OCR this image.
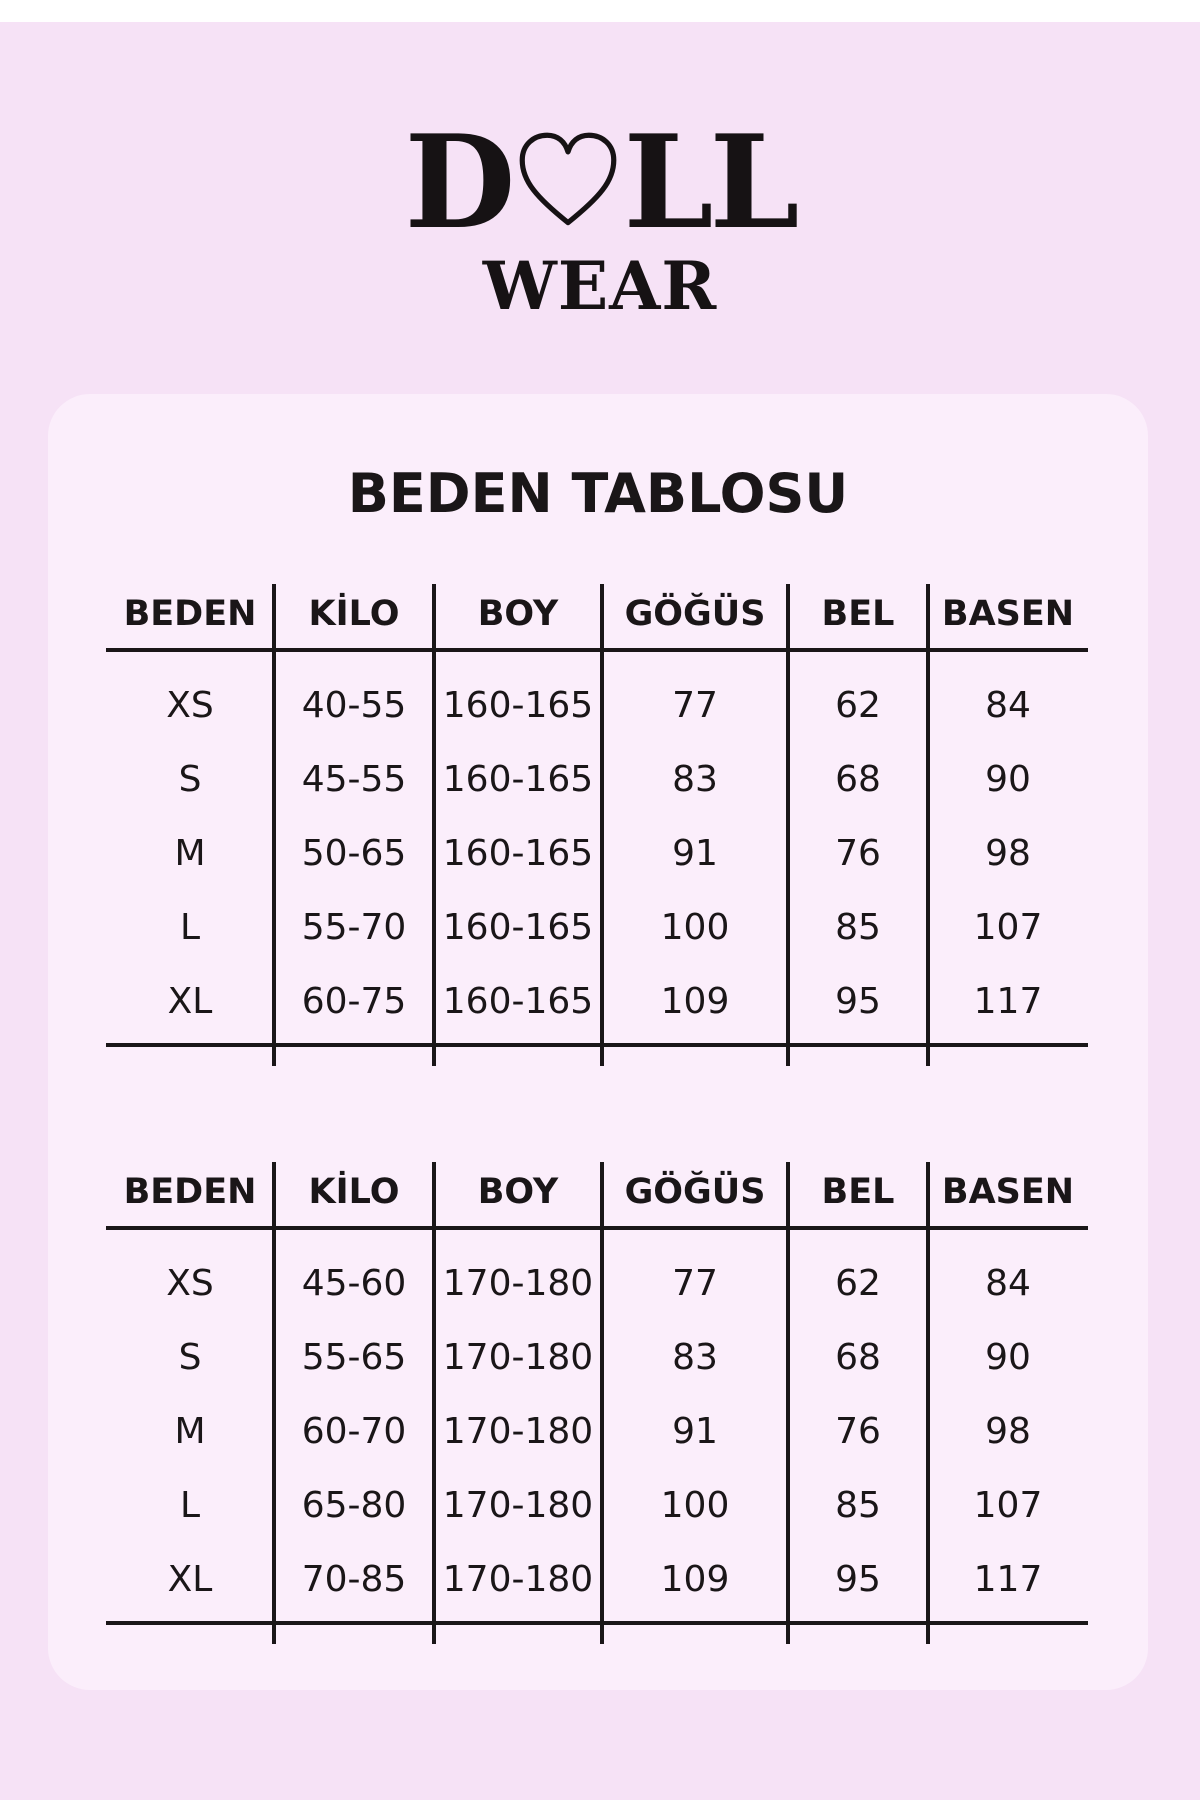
D LL
WEAR
BEDEN TABLOSU
BEDEN	KİLO	BOY	GÖĞÜS	BEL	BASEN
XS	40-55	160-165	77	62	84
S	45-55	160-165	83	68	90
M	50-65	160-165	91	76	98
L	55-70	160-165	100	85	107
XL	60-75	160-165	109	95	117
BEDEN	KİLO	BOY	GÖĞÜS	BEL	BASEN
XS	45-60	170-180	77	62	84
S	55-65	170-180	83	68	90
M	60-70	170-180	91	76	98
L	65-80	170-180	100	85	107
XL	70-85	170-180	109	95	117
